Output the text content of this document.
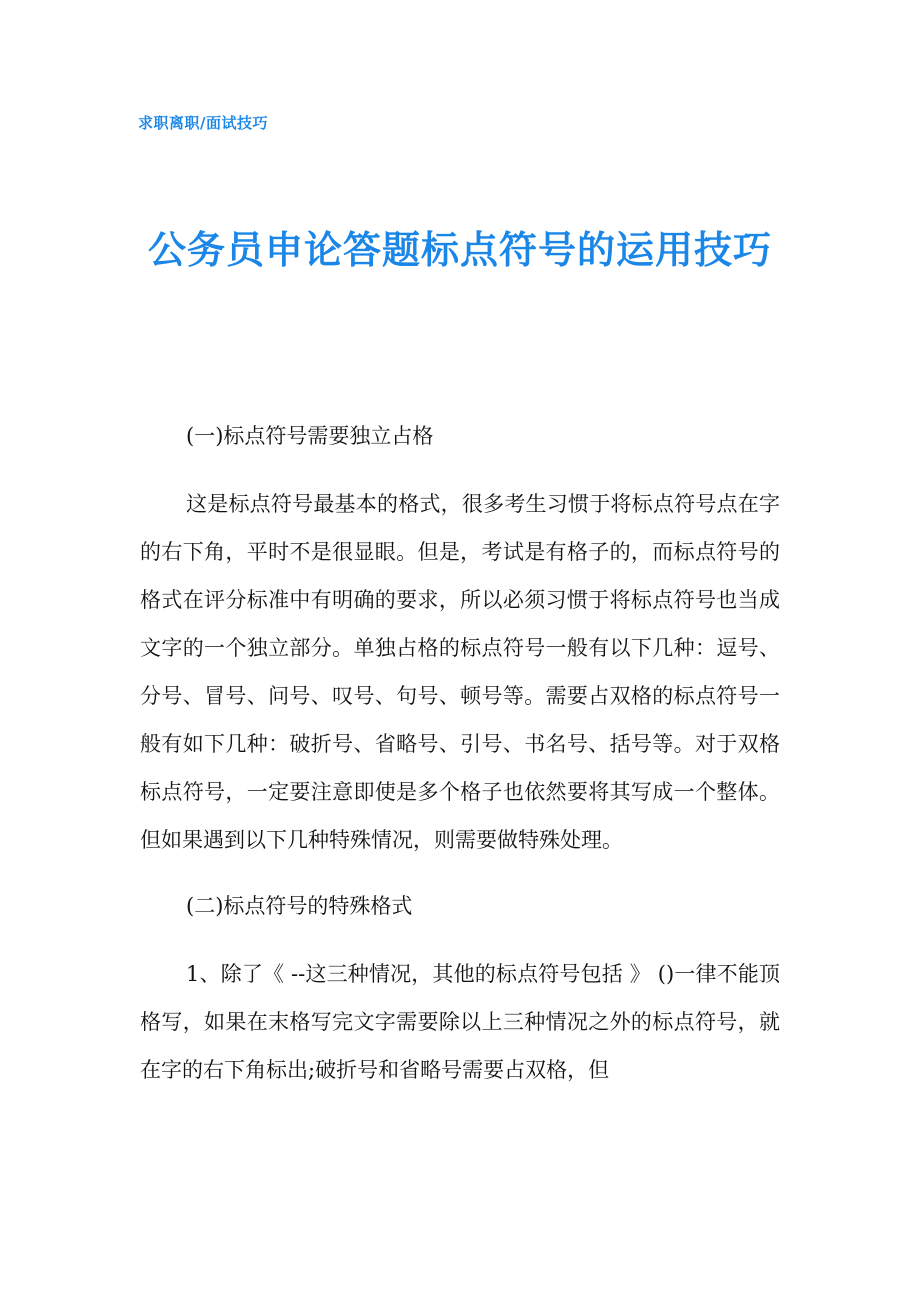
求职离职/面试技巧
公务员申论答题标点符号的运用技巧

(一)标点符号需要独立占格

这是标点符号最基本的格式，很多考生习惯于将标点符号点在字的右下角，平时不是很显眼。但是，考试是有格子的，而标点符号的格式在评分标准中有明确的要求，所以必须习惯于将标点符号也当成文字的一个独立部分。单独占格的标点符号一般有以下几种：逗号、分号、冒号、问号、叹号、句号、顿号等。需要占双格的标点符号一般有如下几种：破折号、省略号、引号、书名号、括号等。对于双格标点符号，一定要注意即使是多个格子也依然要将其写成一个整体。但如果遇到以下几种特殊情况，则需要做特殊处理。

(二)标点符号的特殊格式

1、除了《 --这三种情况，其他的标点符号包括 》 ()一律不能顶格写，如果在末格写完文字需要除以上三种情况之外的标点符号，就在字的右下角标出;破折号和省略号需要占双格，但
